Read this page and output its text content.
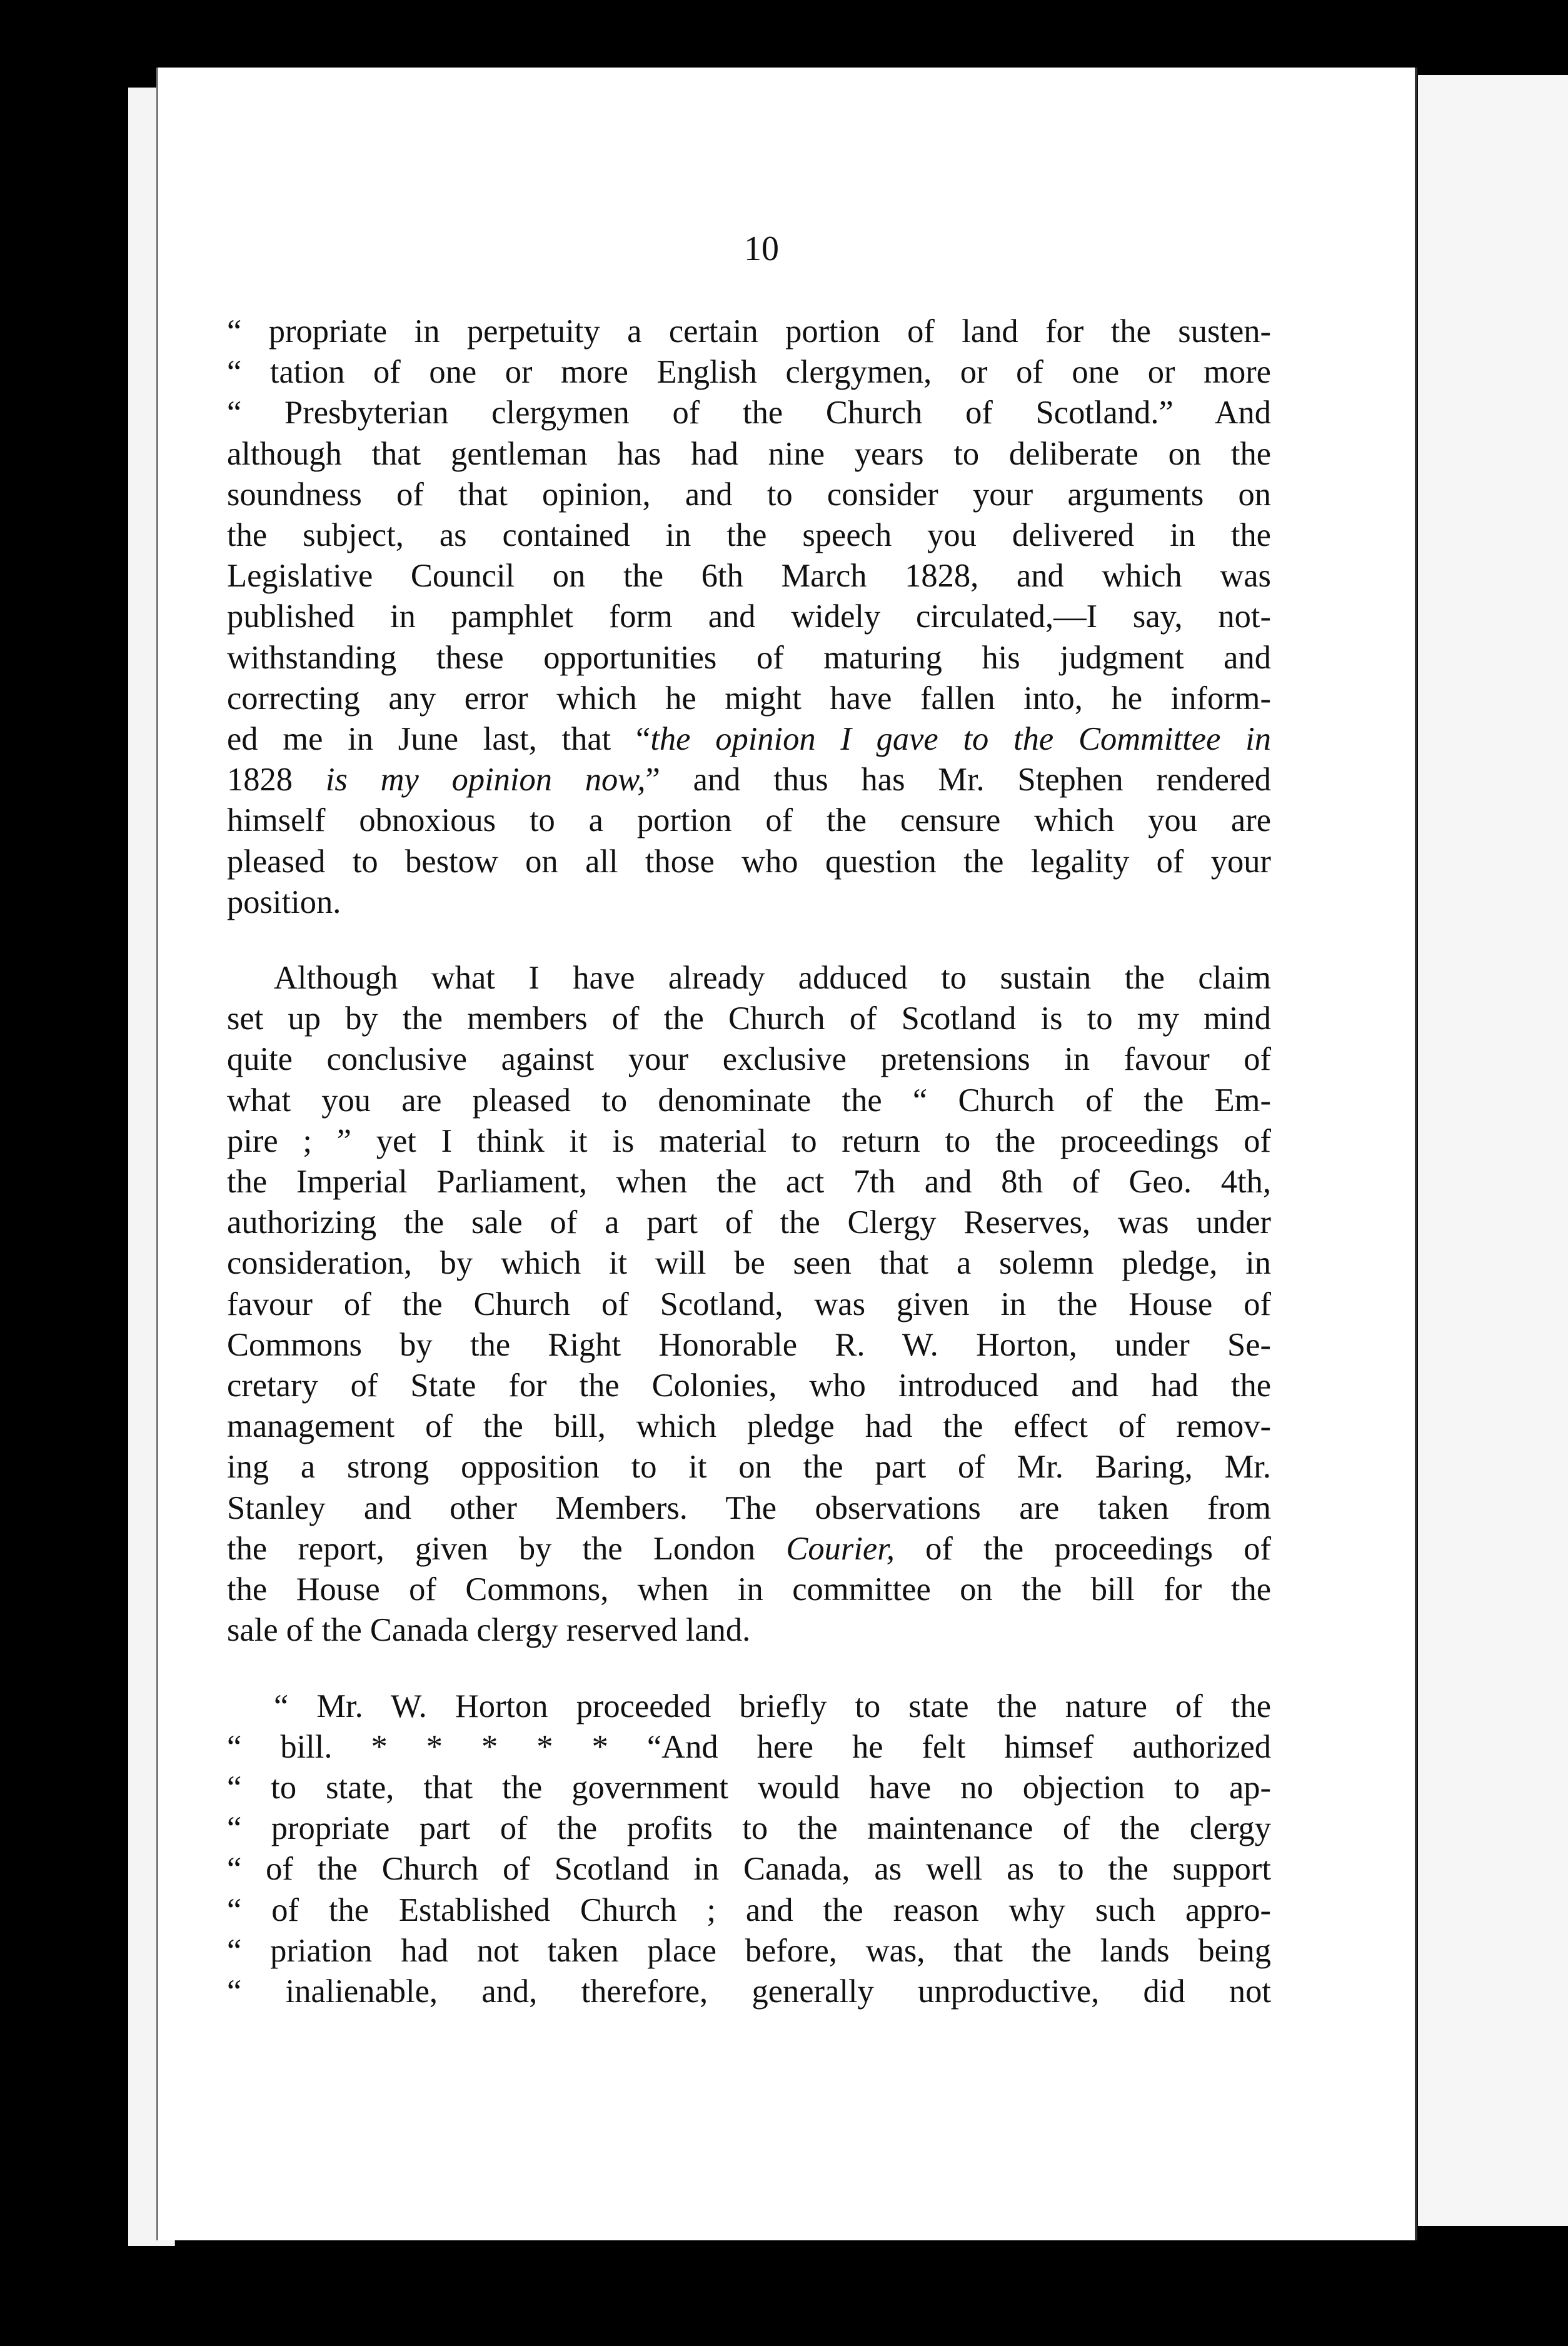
10

“ propriate in perpetuity a certain portion of land for the susten-
“ tation of one or more English clergymen, or of one or more
“ Presbyterian clergymen of the Church of Scotland.” And
although that gentleman has had nine years to deliberate on the
soundness of that opinion, and to consider your arguments on
the subject, as contained in the speech you delivered in the
Legislative Council on the 6th March 1828, and which was
published in pamphlet form and widely circulated,—I say, not-
withstanding these opportunities of maturing his judgment and
correcting any error which he might have fallen into, he inform-
ed me in June last, that “the opinion I gave to the Committee in
1828 is my opinion now,” and thus has Mr. Stephen rendered
himself obnoxious to a portion of the censure which you are
pleased to bestow on all those who question the legality of your
position.

Although what I have already adduced to sustain the claim
set up by the members of the Church of Scotland is to my mind
quite conclusive against your exclusive pretensions in favour of
what you are pleased to denominate the “ Church of the Em-
pire ; ” yet I think it is material to return to the proceedings of
the Imperial Parliament, when the act 7th and 8th of Geo. 4th,
authorizing the sale of a part of the Clergy Reserves, was under
consideration, by which it will be seen that a solemn pledge, in
favour of the Church of Scotland, was given in the House of
Commons by the Right Honorable R. W. Horton, under Se-
cretary of State for the Colonies, who introduced and had the
management of the bill, which pledge had the effect of remov-
ing a strong opposition to it on the part of Mr. Baring, Mr.
Stanley and other Members. The observations are taken from
the report, given by the London Courier, of the proceedings of
the House of Commons, when in committee on the bill for the
sale of the Canada clergy reserved land.

“ Mr. W. Horton proceeded briefly to state the nature of the
“ bill. * * * * * “And here he felt himsef authorized
“ to state, that the government would have no objection to ap-
“ propriate part of the profits to the maintenance of the clergy
“ of the Church of Scotland in Canada, as well as to the support
“ of the Established Church ; and the reason why such appro-
“ priation had not taken place before, was, that the lands being
“ inalienable, and, therefore, generally unproductive, did not
